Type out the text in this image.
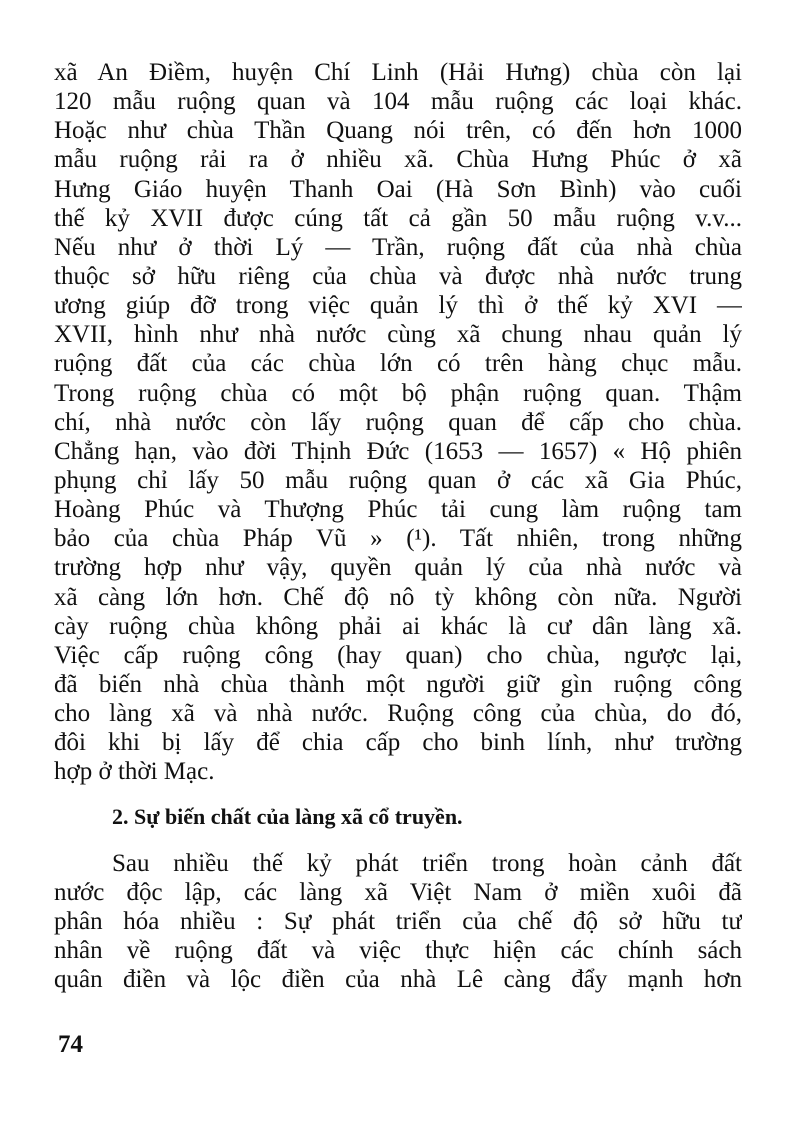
xã An Điềm, huyện Chí Linh (Hải Hưng) chùa còn lại
120 mẫu ruộng quan và 104 mẫu ruộng các loại khác.
Hoặc như chùa Thần Quang nói trên, có đến hơn 1000
mẫu ruộng rải ra ở nhiều xã. Chùa Hưng Phúc ở xã
Hưng Giáo huyện Thanh Oai (Hà Sơn Bình) vào cuối
thế kỷ XVII được cúng tất cả gần 50 mẫu ruộng v.v...
Nếu như ở thời Lý — Trần, ruộng đất của nhà chùa
thuộc sở hữu riêng của chùa và được nhà nước trung
ương giúp đỡ trong việc quản lý thì ở thế kỷ XVI —
XVII, hình như nhà nước cùng xã chung nhau quản lý
ruộng đất của các chùa lớn có trên hàng chục mẫu.
Trong ruộng chùa có một bộ phận ruộng quan. Thậm
chí, nhà nước còn lấy ruộng quan để cấp cho chùa.
Chẳng hạn, vào đời Thịnh Đức (1653 — 1657) « Hộ phiên
phụng chỉ lấy 50 mẫu ruộng quan ở các xã Gia Phúc,
Hoàng Phúc và Thượng Phúc tải cung làm ruộng tam
bảo của chùa Pháp Vũ » (¹). Tất nhiên, trong những
trường hợp như vậy, quyền quản lý của nhà nước và
xã càng lớn hơn. Chế độ nô tỳ không còn nữa. Người
cày ruộng chùa không phải ai khác là cư dân làng xã.
Việc cấp ruộng công (hay quan) cho chùa, ngược lại,
đã biến nhà chùa thành một người giữ gìn ruộng công
cho làng xã và nhà nước. Ruộng công của chùa, do đó,
đôi khi bị lấy để chia cấp cho binh lính, như trường
hợp ở thời Mạc.
2. Sự biến chất của làng xã cổ truyền.
Sau nhiều thế kỷ phát triển trong hoàn cảnh đất
nước độc lập, các làng xã Việt Nam ở miền xuôi đã
phân hóa nhiều : Sự phát triển của chế độ sở hữu tư
nhân về ruộng đất và việc thực hiện các chính sách
quân điền và lộc điền của nhà Lê càng đẩy mạnh hơn
74
